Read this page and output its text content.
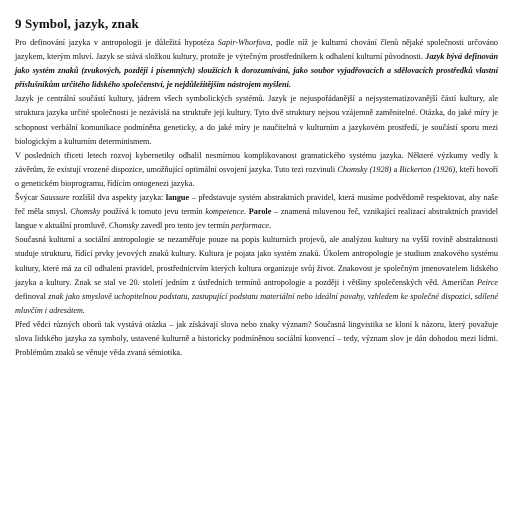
9 Symbol, jazyk, znak

Pro definování jazyka v antropologii je důležitá hypotéza Sapir-Whorfova, podle níž je kulturní chování členů nějaké společnosti určováno jazykem, kterým mluví. Jazyk se stává složkou kultury, protože je výtečným prostředníkem k odhalení kulturní původnosti. Jazyk bývá definován jako systém znaků (zvukových, později i písemných) sloužících k dorozumívání, jako soubor vyjadřovacích a sdělovacích prostředků vlastní příslušníkům určitého lidského společenství, je nejdůležitějším nástrojem myšlení.

Jazyk je centrální součástí kultury, jádrem všech symbolických systémů. Jazyk je nejuspořádanější a nejsystematizovanější částí kultury, ale struktura jazyka určité společnosti je nezávislá na struktuře její kultury. Tyto dvě struktury nejsou vzájemně zaměnitelné. Otázka, do jaké míry je schopnost verbální komunikace podmíněna geneticky, a do jaké míry je naučitelná v kulturním a jazykovém prostředí, je součástí sporu mezi biologickým a kulturním determinismem.

V posledních třiceti letech rozvoj kybernetiky odhalil nesmírnou komplikovanost gramatického systému jazyka. Některé výzkumy vedly k závěrům, že existují vrozené dispozice, umožňující optimální osvojení jazyka. Tuto tezi rozvinuli Chomsky (1928) a Bickerton (1926), kteří hovoří o genetickém bioprogramu, řídícím ontogenezi jazyka.

Švýcar Saussure rozlišil dva aspekty jazyka: langue – představuje systém abstraktních pravidel, která musíme podvědomě respektovat, aby naše řeč měla smysl. Chomsky používá k tomuto jevu termín kompetence. Parole – znamená mluvenou řeč, vznikající realizací abstraktních pravidel langue v aktuální promluvě. Chomsky zavedl pro tento jev termín performace.

Současná kulturní a sociální antropologie se nezaměřuje pouze na popis kulturních projevů, ale analýzou kultury na vyšší rovině abstraktnosti studuje strukturu, řídící prvky jevových znaků kultury. Kultura je pojata jako systém znaků. Úkolem antropologie je studium znakového systému kultury, které má za cíl odhalení pravidel, prostřednictvím kterých kultura organizuje svůj život. Znakovost je společným jmenovatelem lidského jazyka a kultury. Znak se stal ve 20. století jedním z ústředních termínů antropologie a později i většiny společenských věd. Američan Peirce definoval znak jako smyslově uchopitelnou podstatu, zastupující podstatu materiální nebo ideální povahy, vzhledem ke společné dispozici, sdílené mluvčím i adresátem.

Před vědci různých oborů tak vystává otázka – jak získávají slova nebo znaky význam? Současná lingvistika se kloní k názoru, který považuje slova lidského jazyka za symboly, ustavené kulturně a historicky podmíněnou sociální konvencí – tedy, význam slov je dán dohodou mezi lidmi. Problémům znaků se věnuje věda zvaná sémiotika.
